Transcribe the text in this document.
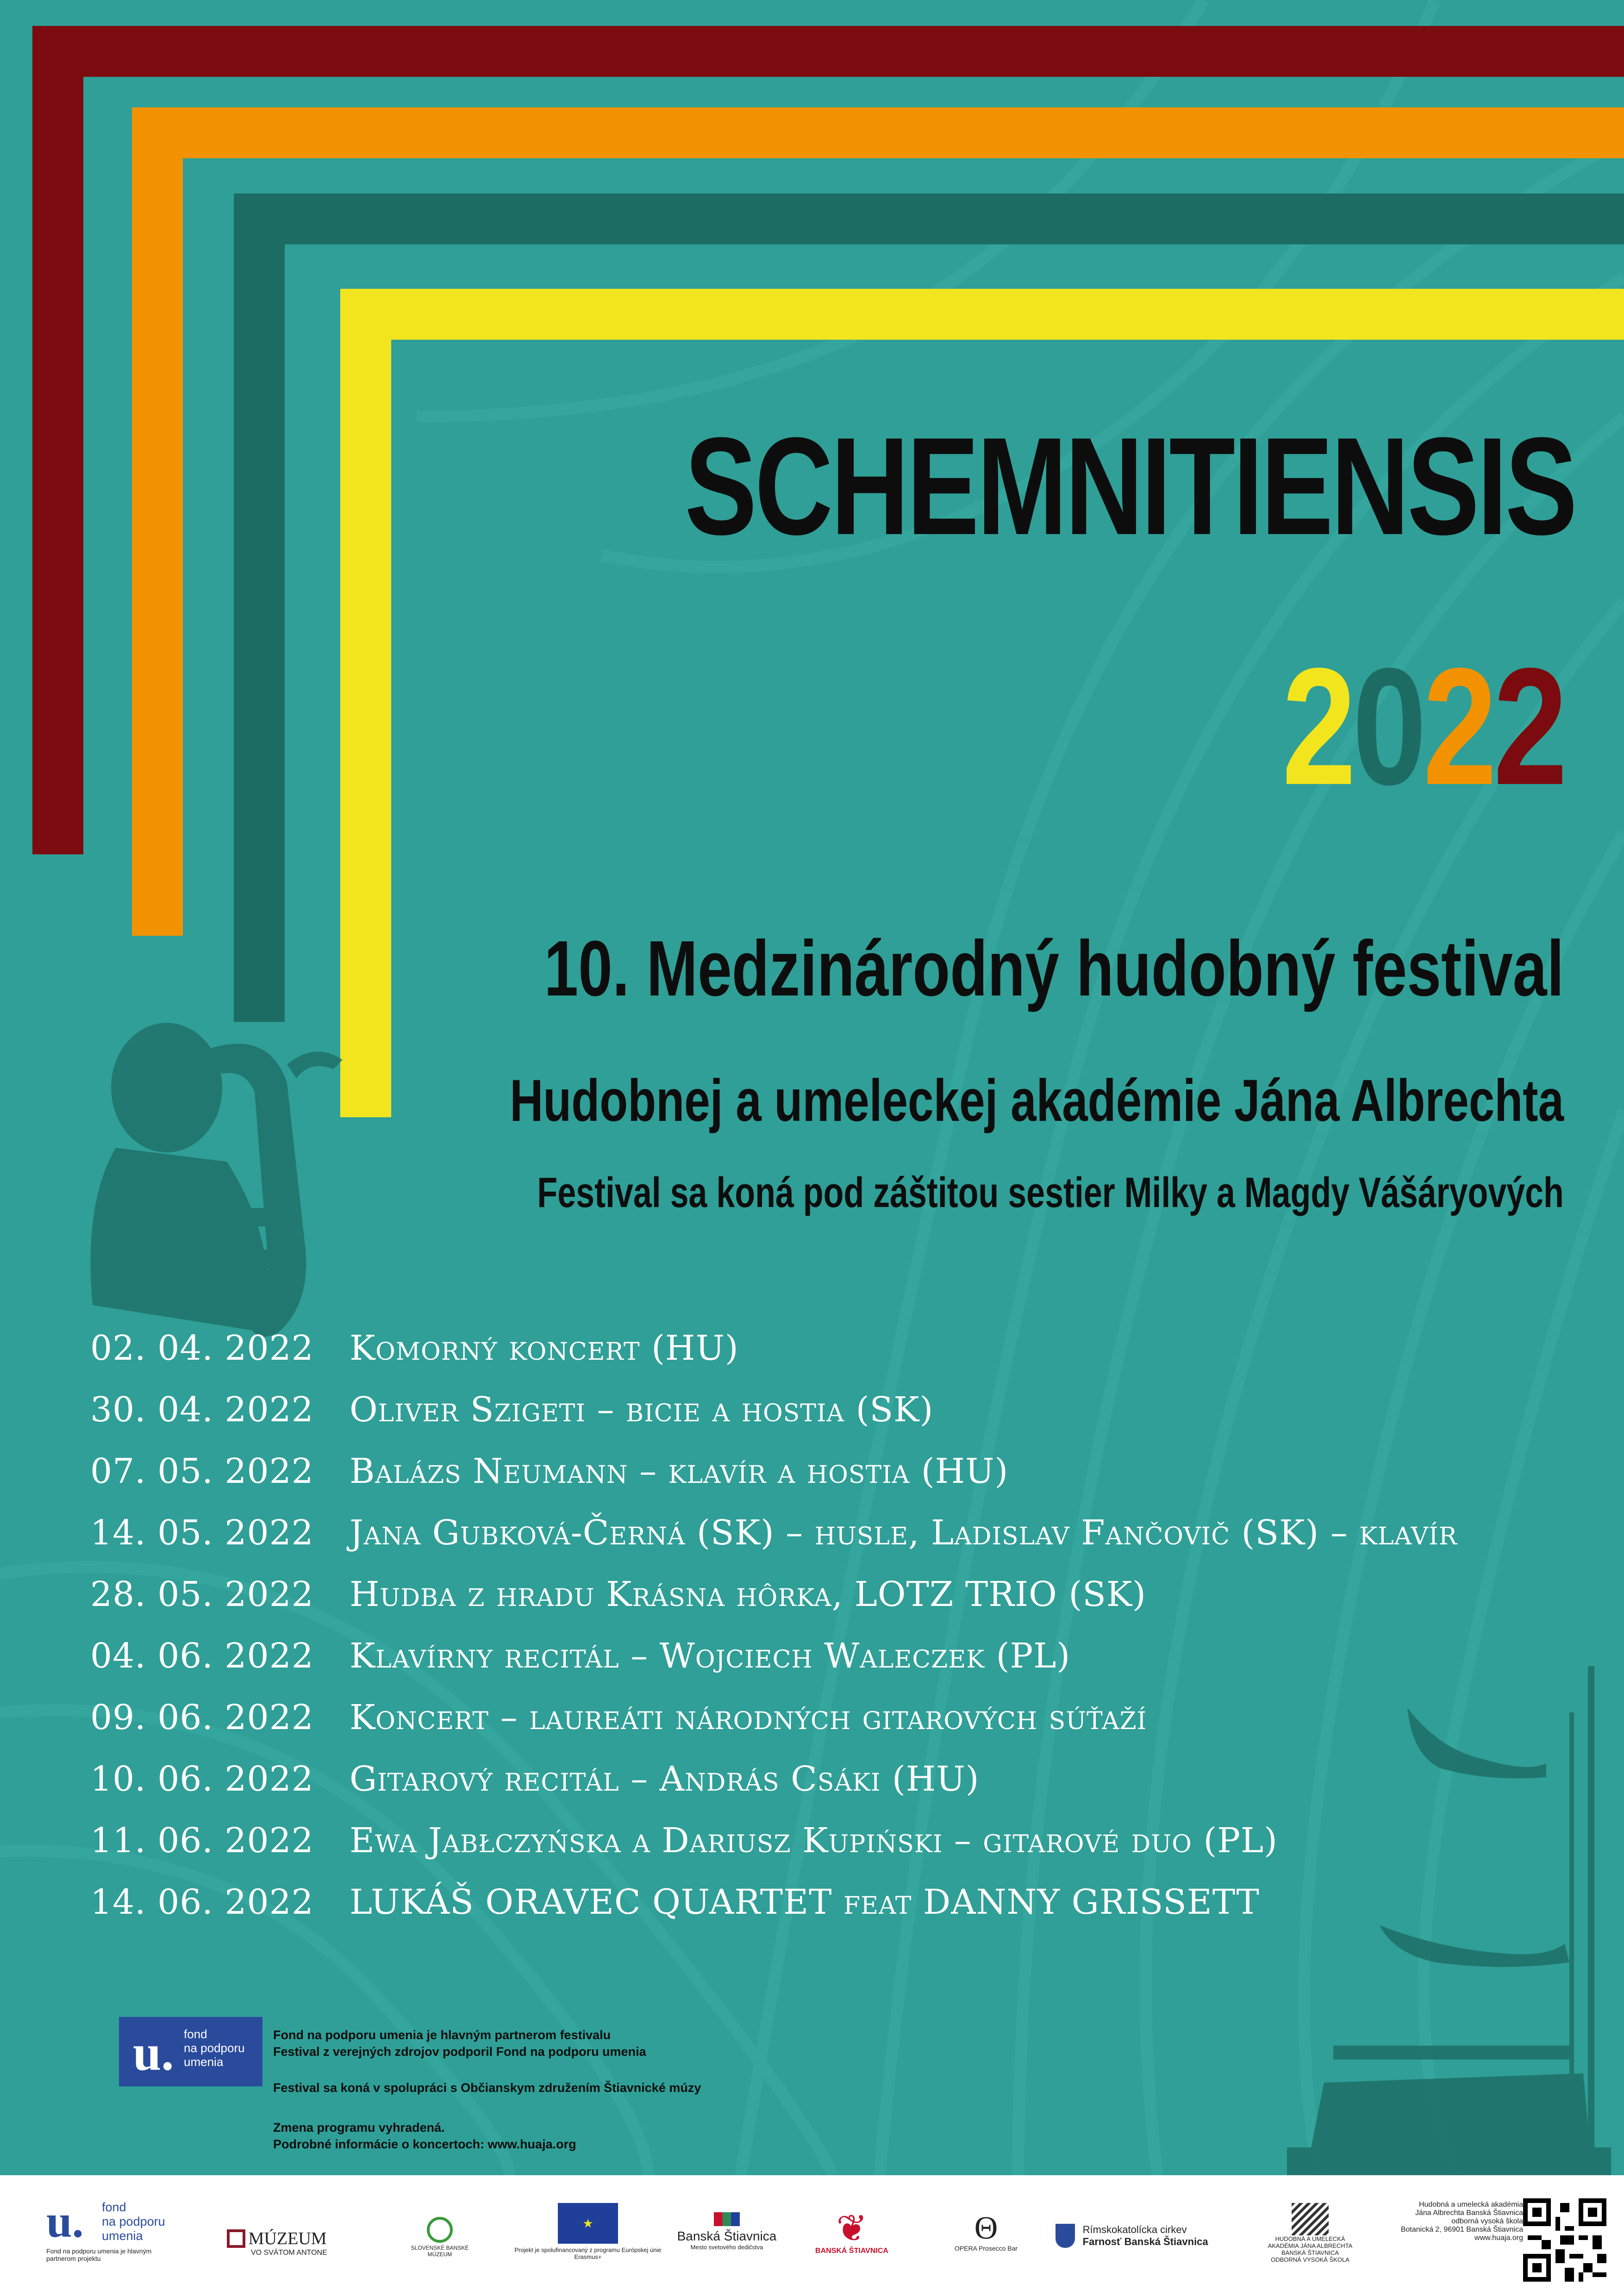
SCHEMNITIENSIS
2022
10. Medzinárodný hudobný festival
Hudobnej a umeleckej akadémie Jána Albrechta
Festival sa koná pod záštitou sestier Milky a Magdy Vášáryových
02. 04. 2022 Komorný koncert (HU)
30. 04. 2022 Oliver Szigeti – bicie a hostia (SK)
07. 05. 2022 Balázs Neumann – klavír a hostia (HU)
14. 05. 2022 Jana Gubková-Černá (SK) – husle, Ladislav Fančovič (SK) – klavír
28. 05. 2022 Hudba z hradu Krásna hôrka, LOTZ TRIO (SK)
04. 06. 2022 Klavírny recitál – Wojciech Waleczek (PL)
09. 06. 2022 Koncert – laureáti národných gitarových súťaží
10. 06. 2022 Gitarový recitál – András Csáki (HU)
11. 06. 2022 Ewa Jabłczyńska a Dariusz Kupiński – gitarové duo (PL)
14. 06. 2022 LUKÁŠ ORAVEC QUARTET feat DANNY GRISSETT
u. fond
na podporu
umenia
Fond na podporu umenia je hlavným partnerom festivalu
Festival z verejných zdrojov podporil Fond na podporu umenia
Festival sa koná v spolupráci s Občianskym združením Štiavnické múzy
Zmena programu vyhradená.
Podrobné informácie o koncertoch: www.huaja.org
u. fond
na podporu
umenia
Fond na podporu umenia je hlavným partnerom projektu
MÚZEUM
VO SVÄTOM ANTONE
SLOVENSKÉ BANSKÉ MÚZEUM
★
Projekt je spolufinancovaný z programu Európskej únie Erasmus+
Banská Štiavnica
Mesto svetového dedičstva	❦
BANSKÁ ŠTIAVNICA
Θ
OPERA Prosecco Bar

Rímskokatolícka cirkev
Farnosť Banská Štiavnica	HUDOBNÁ A UMELECKÁ
AKADÉMIA JÁNA ALBRECHTA
BANSKÁ ŠTIAVNICA
ODBORNÁ VYSOKÁ ŠKOLA
Hudobná a umelecká akadémia
Jána Albrechta Banská Štiavnica
odborná vysoká škola
Botanická 2, 96901 Banská Štiavnica
www.huaja.org
